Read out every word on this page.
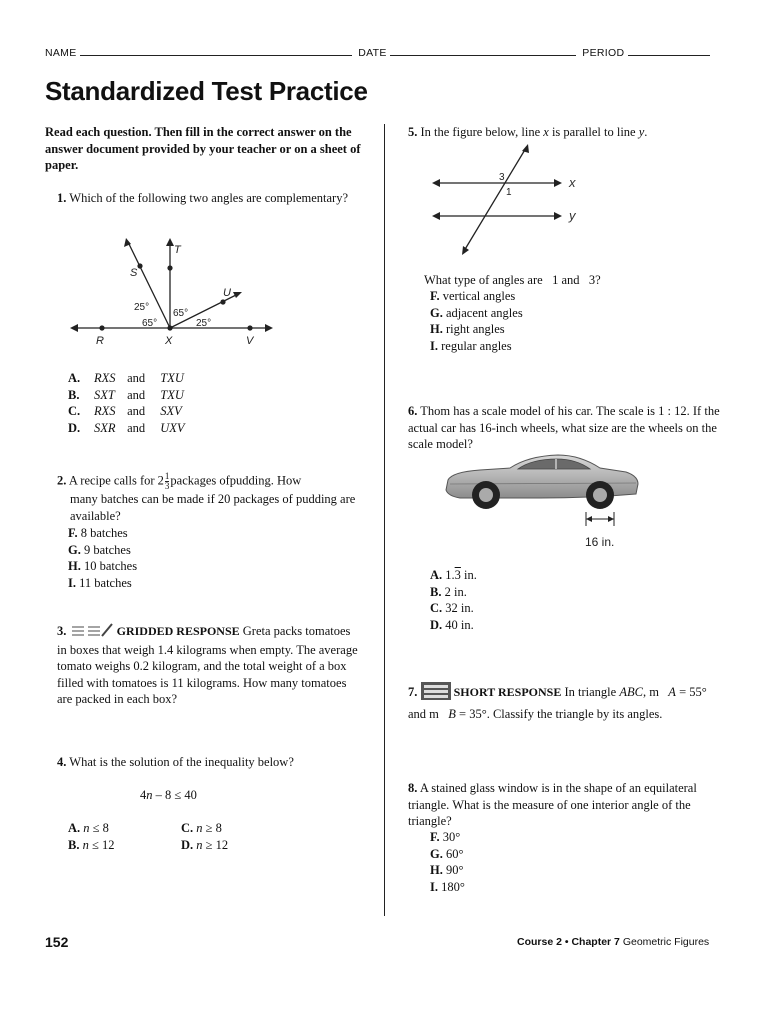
NAME	DATE	PERIOD
Standardized Test Practice
Read each question. Then fill in the correct answer on the answer document provided by your teacher or on a sheet of paper.
1. Which of the following two angles are complementary?
T
S
U
R	X	V
25°
65°
65°	25°
A. RXS and TXU
B. SXT and TXU
C. RXS and SXV
D. SXR and UXV
2. A recipe calls for $2 \frac{1}{3}$ packages ofpudding. How
many batches can be made if 20 packages of pudding are available?
F. 8 batches
G. 9 batches
H. 10 batches
I. 11 batches
3.	GRIDDED RESPONSE Greta packs tomatoes in boxes that weigh 1.4 kilograms when empty. The average tomato weighs 0.2 kilogram, and the total weight of a box filled with tomatoes is 11 kilograms. How many tomatoes are packed in each box?
4. What is the solution of the inequality below?
4n – 8 ≤ 40
A. n ≤ 8
B. n ≤ 12
C. n ≥ 8
D. n ≥ 12
5. In the figure below, line x is parallel to line y.
3
1
x
y
What type of angles are 1 and 3?
F. vertical angles
G. adjacent angles
H. right angles
I. regular angles
6. Thom has a scale model of his car. The scale is 1 : 12. If the actual car has 16-inch wheels, what size are the wheels on the scale model?
16 in.
A. 1.3 in.
B. 2 in.
C. 32 in.
D. 40 in.
7.	SHORT RESPONSE In triangle ABC, m A = 55° and m B = 35°. Classify the triangle by its angles.
8. A stained glass window is in the shape of an equilateral triangle. What is the measure of one interior angle of the triangle?
F. 30°
G. 60°
H. 90°
I. 180°
152	Course 2 • Chapter 7 Geometric Figures
